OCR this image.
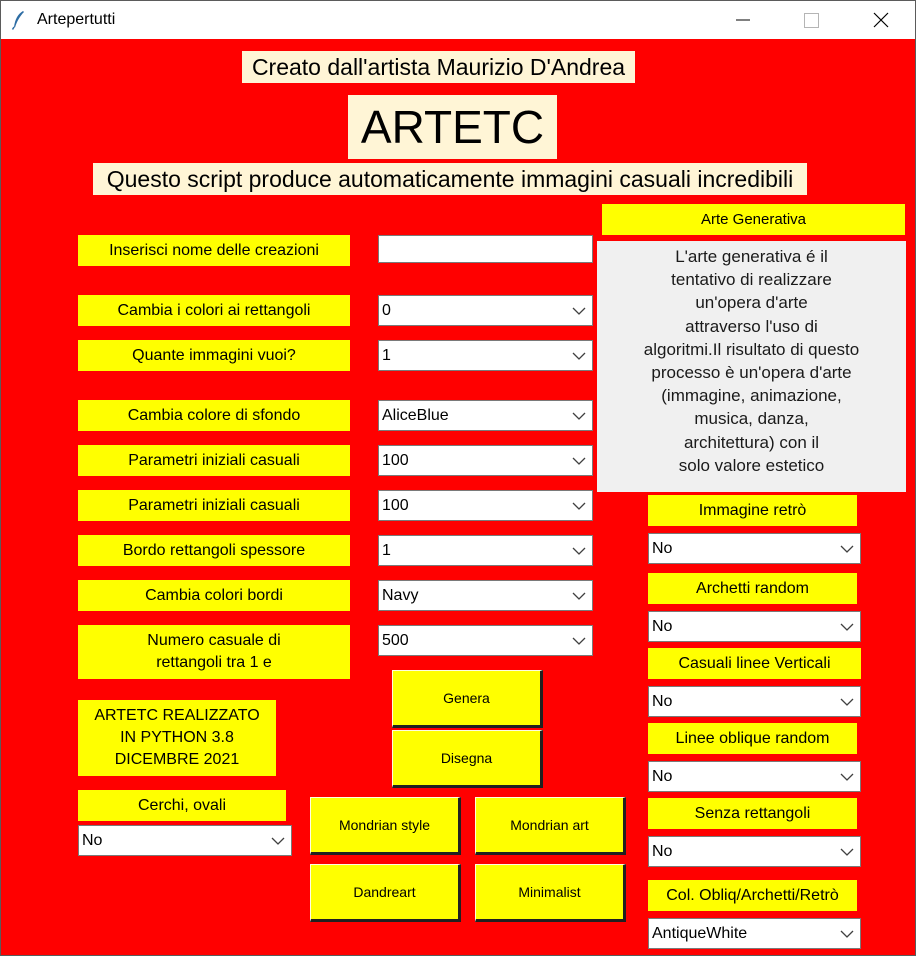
Artepertutti
Creato dall'artista Maurizio D'Andrea
ARTETC
Questo script produce automaticamente immagini casuali incredibili
Inserisci nome delle creazioni
Cambia i colori ai rettangoli	0
Quante immagini vuoi?	1
Cambia colore di sfondo	AliceBlue
Parametri iniziali casuali	100
Parametri iniziali casuali	100
Bordo rettangoli spessore	1
Cambia colori bordi	Navy
Numero casuale di
rettangoli tra 1 e
500
ARTETC REALIZZATO
IN PYTHON 3.8
DICEMBRE 2021
Cerchi, ovali
No
Genera
Disegna
Mondrian style	Mondrian art
Dandreart	Minimalist
Arte Generativa
L'arte generativa é il
tentativo di realizzare
un'opera d'arte
attraverso l'uso di
algoritmi.Il risultato di questo
processo è un'opera d'arte
(immagine, animazione,
musica, danza,
architettura) con il
solo valore estetico
Immagine retrò
No
Archetti random
No
Casuali linee Verticali
No
Linee oblique random
No
Senza rettangoli
No
Col. Obliq/Archetti/Retrò
AntiqueWhite
